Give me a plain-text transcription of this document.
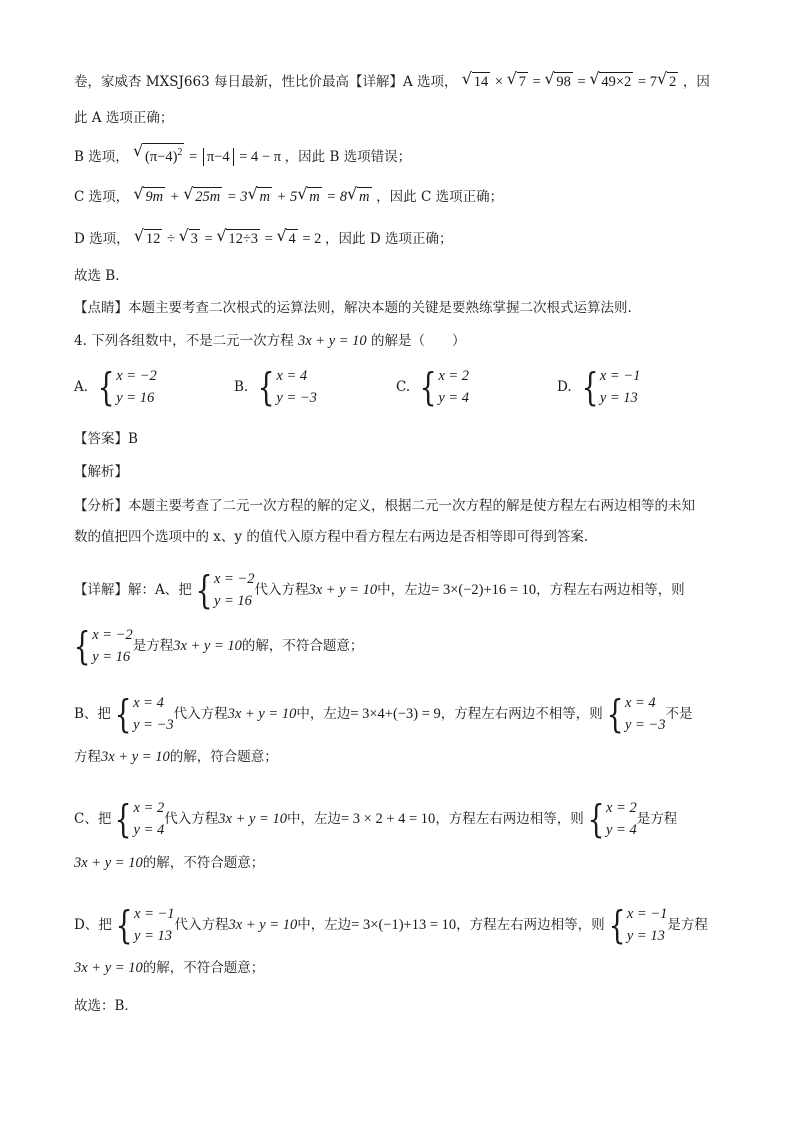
卷，家威杏 MXSJ663 每日最新，性比价最高【详解】A 选项， √ 14 × √ 7 = √ 98 = √ 49×2 = 7 √ 2 ，因
此 A 选项正确；
B 选项， √ $(\pi-4)^2 = \pi-4 = 4 - \pi$ ，因此 B 选项错误；
C 选项， √ 9m + √ 25m = 3 √ m + 5 √ m = 8 √ m ，因此 C 选项正确；
D 选项， √ 12 ÷ √ 3 = √ 12÷3 = √ 4 = 2 ，因此 D 选项正确；
故选 B.
【点睛】本题主要考查二次根式的运算法则，解决本题的关键是要熟练掌握二次根式运算法则.
4. 下列各组数中，不是二元一次方程 3x + y = 10 的解是（　　）
A. { x = −2
y = 16
B. { x = 4
y = −3
C. { x = 2
y = 4
D. { x = −1
y = 13
【答案】B
【解析】
【分析】本题主要考查了二元一次方程的解的定义，根据二元一次方程的解是使方程左右两边相等的未知
数的值把四个选项中的 x、y 的值代入原方程中看方程左右两边是否相等即可得到答案.
【详解】解：A、把 { x = −2
y = 16
代入方程 3x + y = 10 中，左边 = 3×(−2)+16 = 10 ，方程左右两边相等，则
{ x = −2
y = 16
是方程 3x + y = 10 的解，不符合题意；
B、把 { x = 4
y = −3
代入方程 3x + y = 10 中，左边 = 3×4+(−3) = 9 ，方程左右两边不相等，则 { x = 4
y = −3
不是
方程3x + y = 10的解，符合题意；
C、把 { x = 2
y = 4
代入方程 3x + y = 10 中，左边 = 3 × 2 + 4 = 10 ，方程左右两边相等，则 { x = 2
y = 4
是方程
3x + y = 10的解，不符合题意；
D、把 { x = −1
y = 13
代入方程 3x + y = 10 中，左边 = 3×(−1)+13 = 10 ，方程左右两边相等，则 { x = −1
y = 13
是方程
3x + y = 10的解，不符合题意；
故选：B．
